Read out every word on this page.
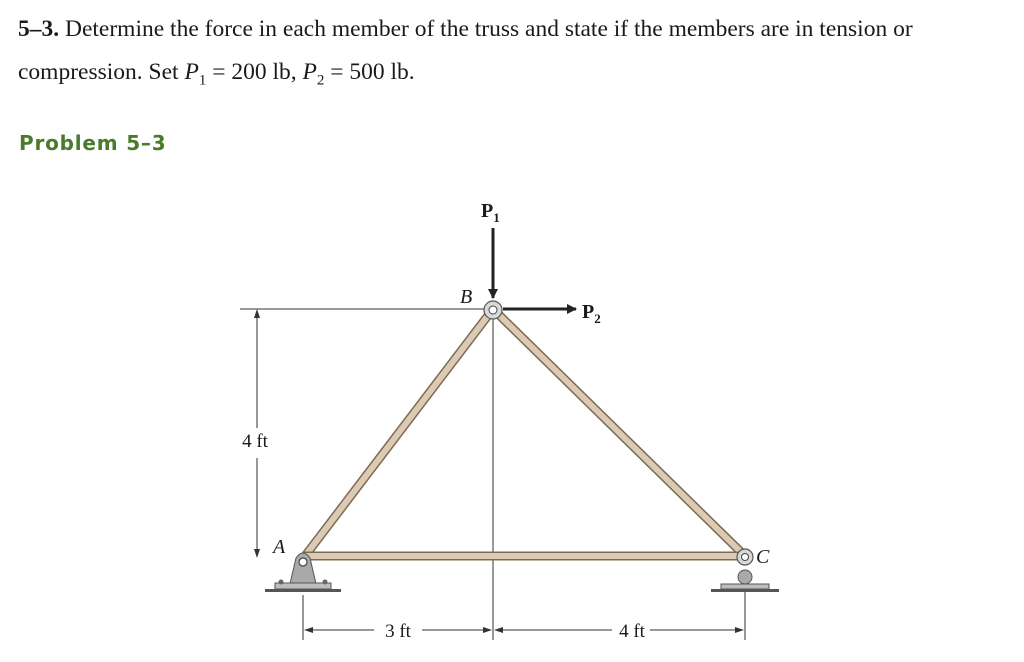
5–3. Determine the force in each member of the truss and state if the members are in tension or
compression. Set $P_1 = 200$ lb, $P_2 = 500$ lb.
Problem 5–3
4 ft
3 ft	4 ft
$P_1$
$P_2$
B
A	C
